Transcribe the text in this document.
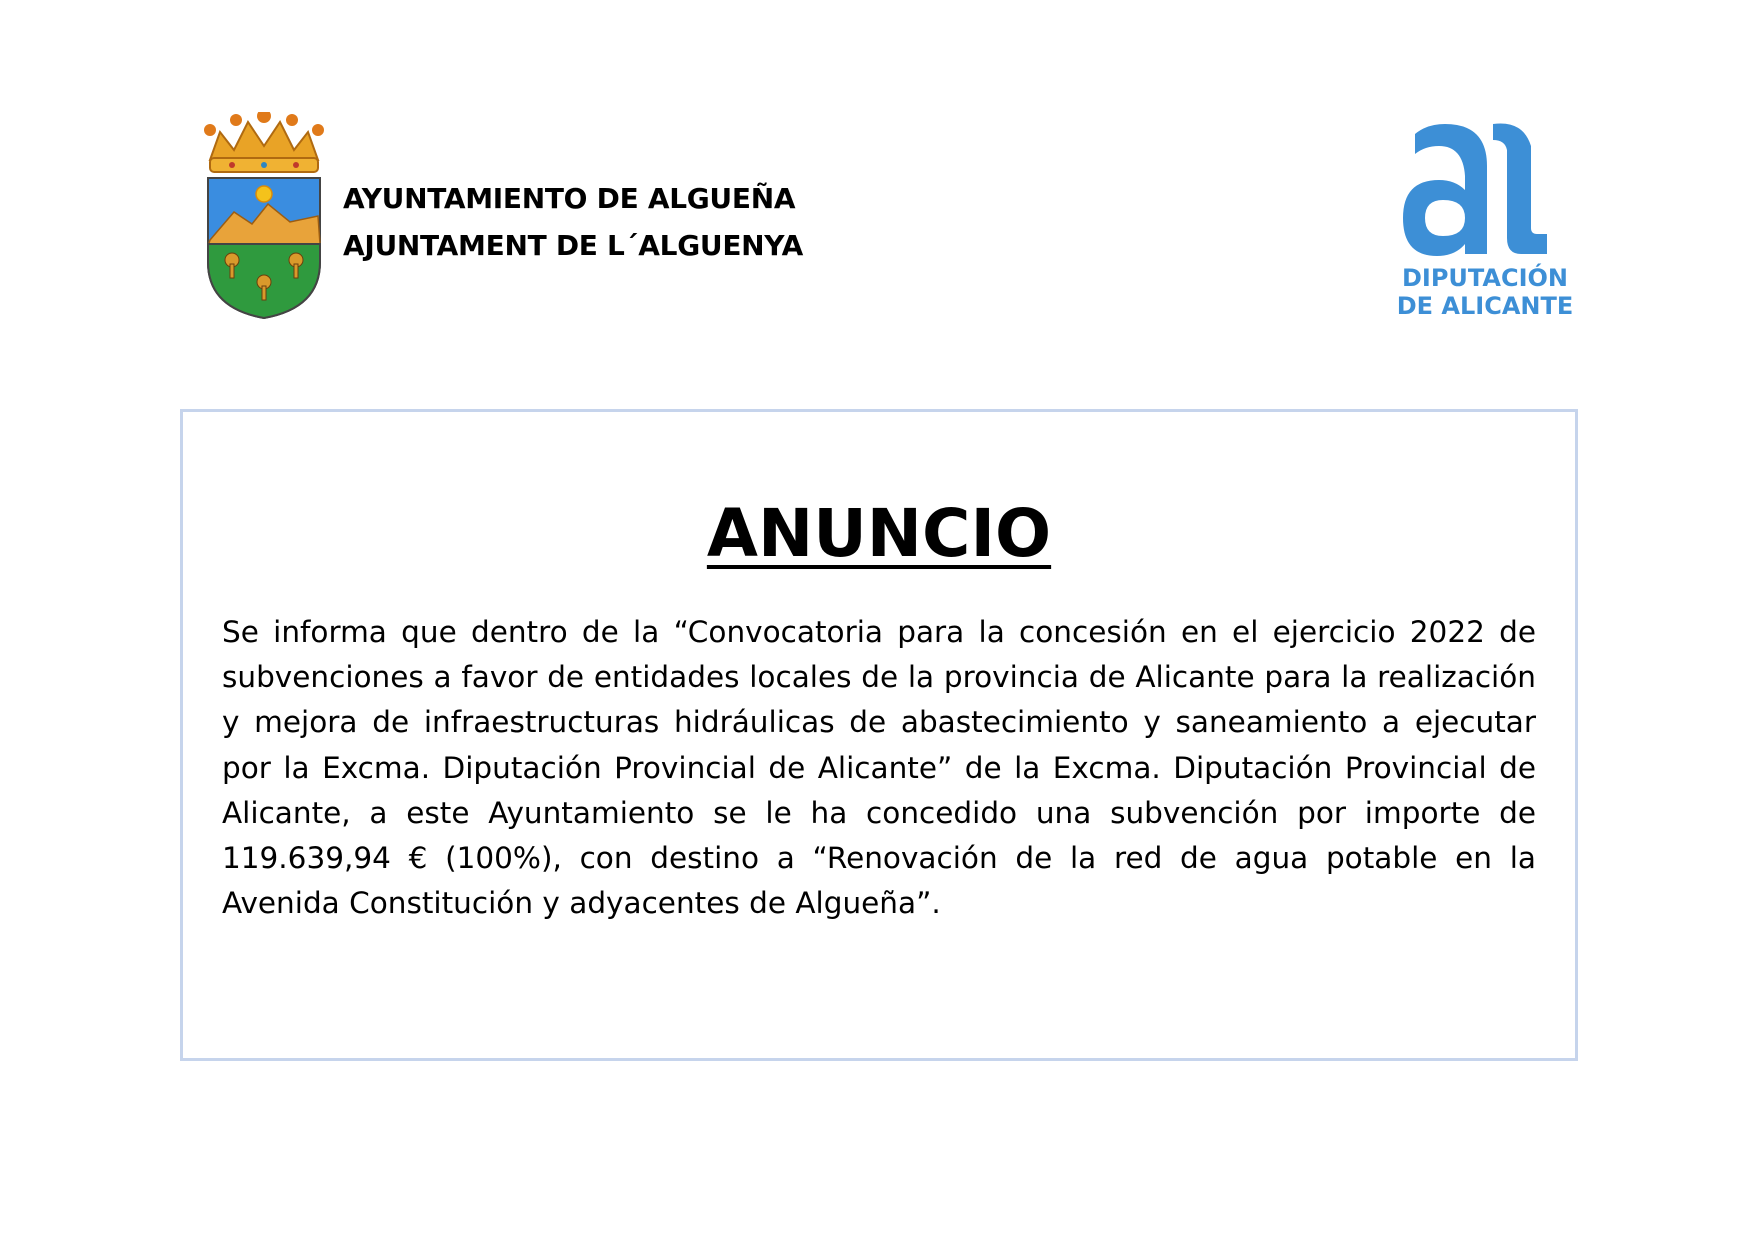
AYUNTAMIENTO DE ALGUEÑA
AJUNTAMENT DE L´ALGUENYA
DIPUTACIÓN
DE ALICANTE
ANUNCIO

Se informa que dentro de la “Convocatoria para la concesión en el ejercicio 2022 de subvenciones a favor de entidades locales de la provincia de Alicante para la realización y mejora de infraestructuras hidráulicas de abastecimiento y saneamiento a ejecutar por la Excma. Diputación Provincial de Alicante” de la Excma. Diputación Provincial de Alicante, a este Ayuntamiento se le ha concedido una subvención por importe de 119.639,94 € (100%), con destino a “Renovación de la red de agua potable en la Avenida Constitución y adyacentes de Algueña”.
